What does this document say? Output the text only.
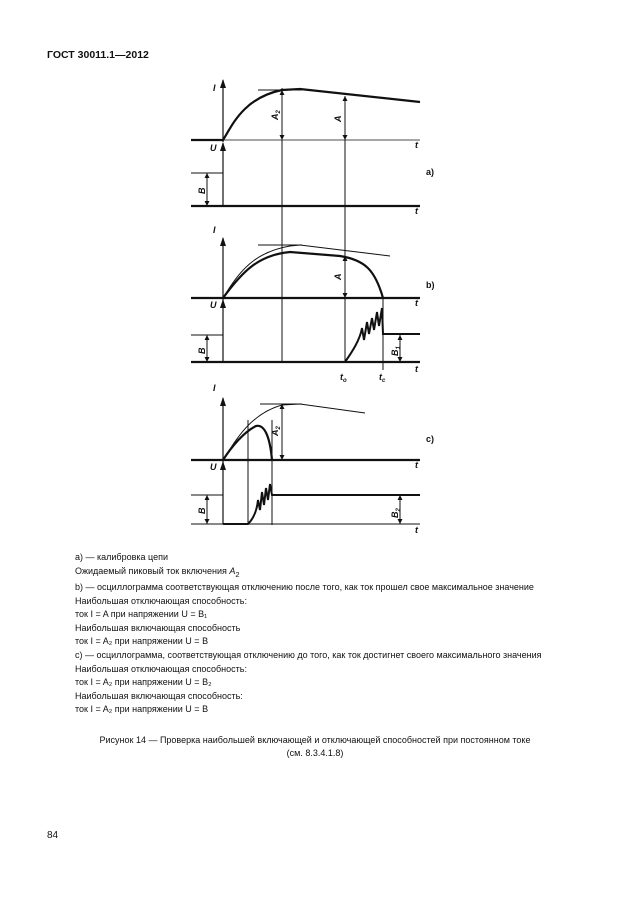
ГОСТ 30011.1—2012
I
t
$A_2$
A
U
B
t
a)
I
t
A
U
B
t
$B_1$
$t_о$	$t_c$
b)
I
t
$A_2$
U
B
t
$B_2$
c)

а) — калибровка цепи

Ожидаемый пиковый ток включения $A_2$

b) — осциллограмма соответствующая отключению после того, как ток прошел свое максимальное значение

Наибольшая отключающая способность:

ток I = A при напряжении U = B₁

Наибольшая включающая способность

ток I = A₂ при напряжении U = B

с) — осциллограмма, соответствующая отключению до того, как ток достигнет своего максимального значения

Наибольшая отключающая способность:

ток I = A₂ при напряжении U = B₂

Наибольшая включающая способность:

ток I = A₂ при напряжении U = B

Рисунок 14 — Проверка наибольшей включающей и отключающей способностей при постоянном токе
(см. 8.3.4.1.8)
84
